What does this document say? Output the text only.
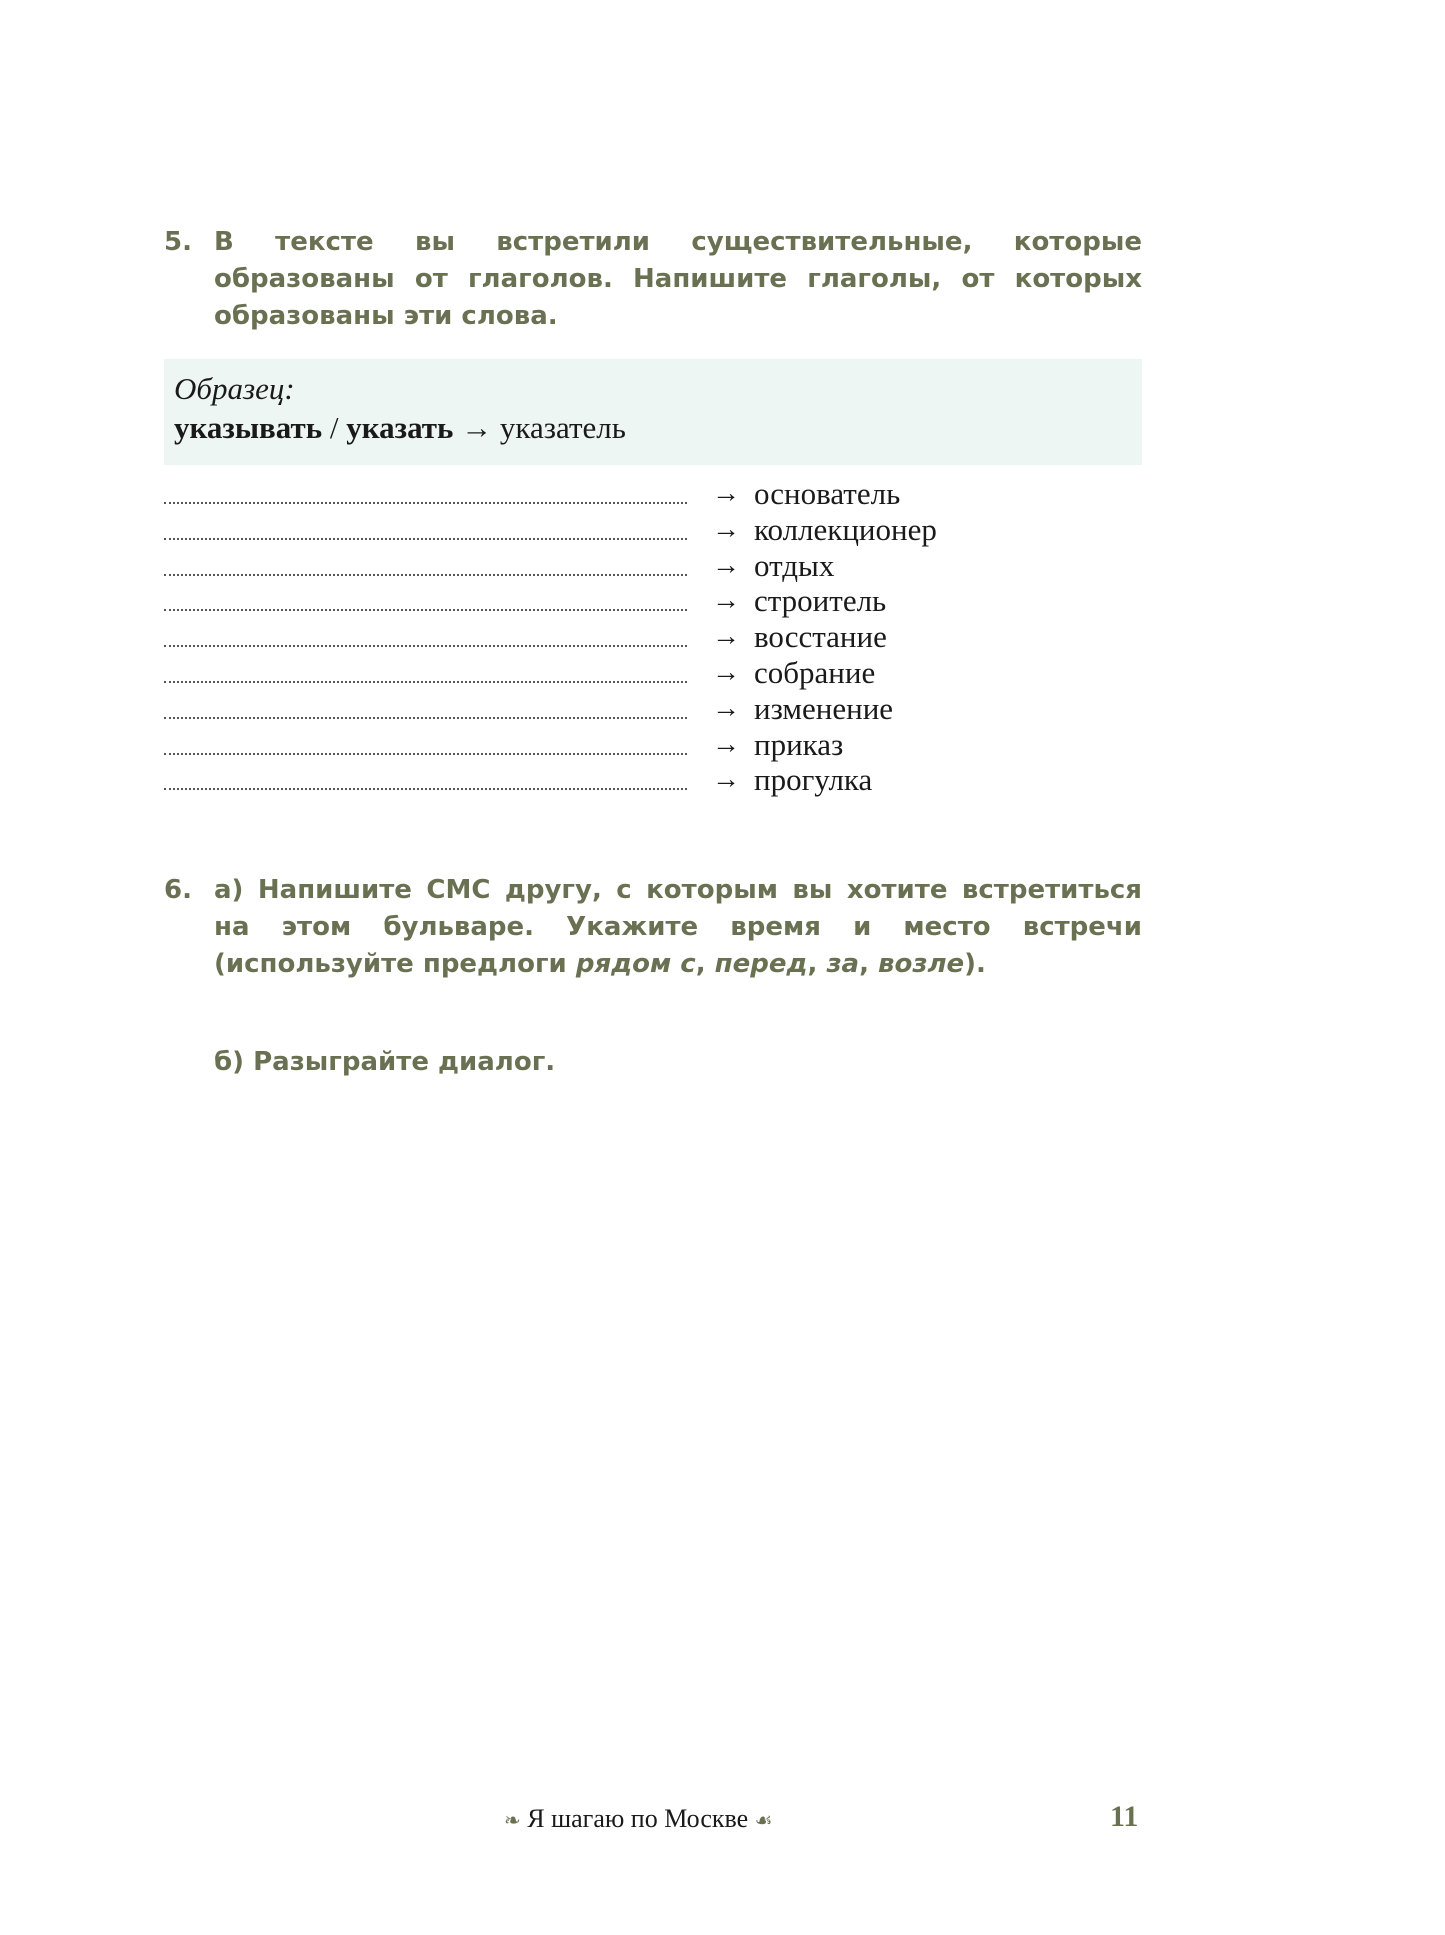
5. В тексте вы встретили существительные, которые образованы от глаголов. Напишите глаголы, от которых образованы эти слова.
Образец:
указывать / указать → указатель
→ основатель
→ коллекционер
→ отдых
→ строитель
→ восстание
→ собрание
→ изменение
→ приказ
→ прогулка
6. а) Напишите СМС другу, с которым вы хотите встретиться на этом бульваре. Укажите время и место встречи (используйте предлоги рядом с, перед, за, возле).
б) Разыграйте диалог.
❧ Я шагаю по Москве ☙	11
